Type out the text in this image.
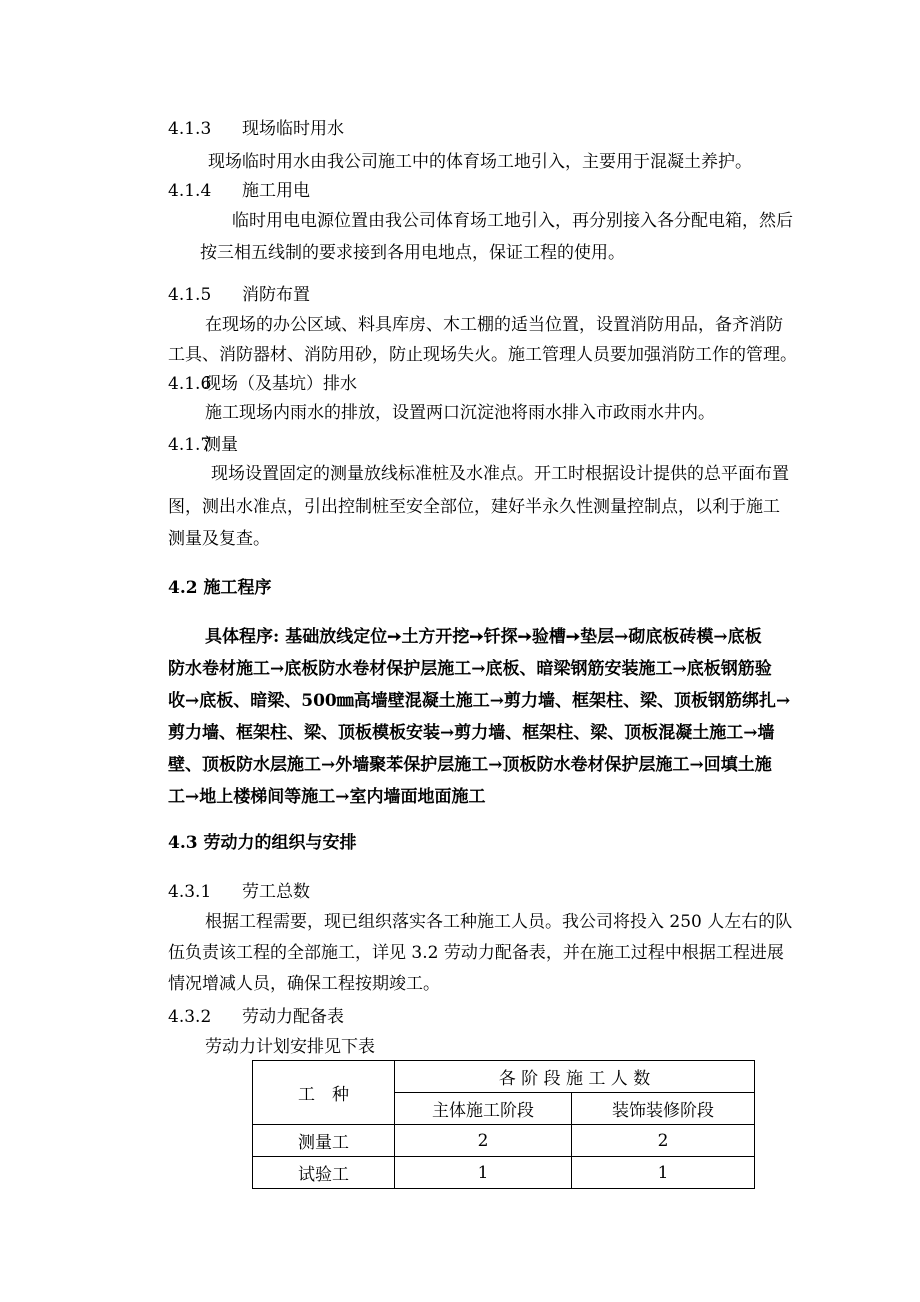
4.1.3 现场临时用水
现场临时用水由我公司施工中的体育场工地引入，主要用于混凝土养护。
4.1.4 施工用电
临时用电电源位置由我公司体育场工地引入，再分别接入各分配电箱，然后
按三相五线制的要求接到各用电地点，保证工程的使用。
4.1.5 消防布置
在现场的办公区域、料具库房、木工棚的适当位置，设置消防用品，备齐消防
工具、消防器材、消防用砂，防止现场失火。施工管理人员要加强消防工作的管理。
4.1.6现场（及基坑）排水
施工现场内雨水的排放，设置两口沉淀池将雨水排入市政雨水井内。
4.1.7测量
现场设置固定的测量放线标准桩及水准点。开工时根据设计提供的总平面布置
图，测出水准点，引出控制桩至安全部位，建好半永久性测量控制点，以利于施工
测量及复查。
4.2 施工程序
具体程序: 基础放线定位➙土方开挖➙钎探➙验槽➙垫层→砌底板砖模→底板
防水卷材施工→底板防水卷材保护层施工→底板、暗梁钢筋安装施工→底板钢筋验
收→底板、暗梁、500㎜高墙壁混凝土施工→剪力墙、框架柱、梁、顶板钢筋绑扎→
剪力墙、框架柱、梁、顶板模板安装→剪力墙、框架柱、梁、顶板混凝土施工→墙
壁、顶板防水层施工→外墙聚苯保护层施工→顶板防水卷材保护层施工→回填土施
工→地上楼梯间等施工→室内墙面地面施工
4.3 劳动力的组织与安排
4.3.1 劳工总数
根据工程需要，现已组织落实各工种施工人员。我公司将投入 250 人左右的队
伍负责该工程的全部施工，详见 3.2 劳动力配备表，并在施工过程中根据工程进展
情况增减人员，确保工程按期竣工。
4.3.2 劳动力配备表
劳动力计划安排见下表
工　种	各 阶 段 施 工 人 数	
	主体施工阶段	装饰装修阶段
测量工	2	2
试验工	1	1
